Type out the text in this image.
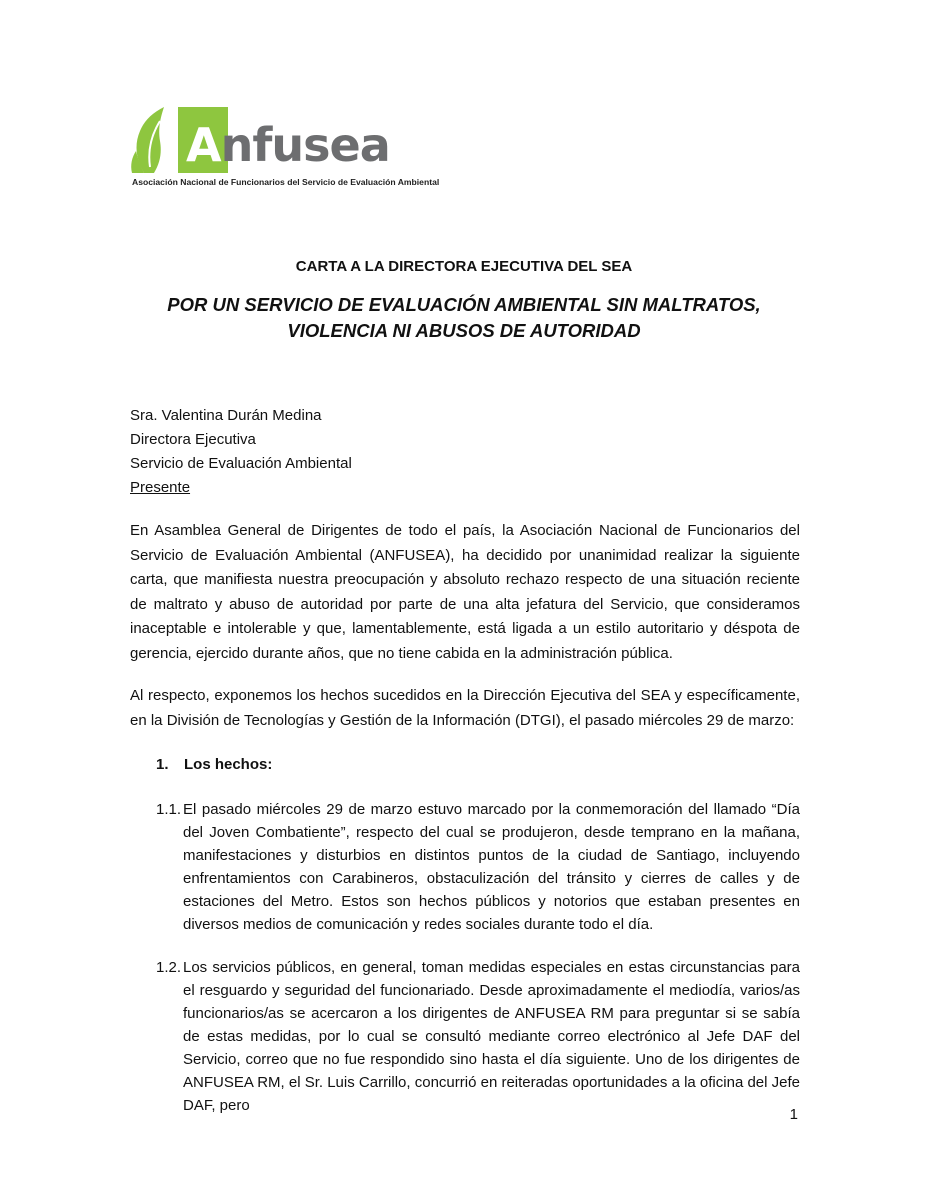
Anfusea
Asociación Nacional de Funcionarios del Servicio de Evaluación Ambiental
CARTA A LA DIRECTORA EJECUTIVA DEL SEA
POR UN SERVICIO DE EVALUACIÓN AMBIENTAL SIN MALTRATOS,
VIOLENCIA NI ABUSOS DE AUTORIDAD
Sra. Valentina Durán Medina
Directora Ejecutiva
Servicio de Evaluación Ambiental
Presente
En Asamblea General de Dirigentes de todo el país, la Asociación Nacional de Funcionarios del Servicio de Evaluación Ambiental (ANFUSEA), ha decidido por unanimidad realizar la siguiente carta, que manifiesta nuestra preocupación y absoluto rechazo respecto de una situación reciente de maltrato y abuso de autoridad por parte de una alta jefatura del Servicio, que consideramos inaceptable e intolerable y que, lamentablemente, está ligada a un estilo autoritario y déspota de gerencia, ejercido durante años, que no tiene cabida en la administración pública.
Al respecto, exponemos los hechos sucedidos en la Dirección Ejecutiva del SEA y específicamente, en la División de Tecnologías y Gestión de la Información (DTGI), el pasado miércoles 29 de marzo:
1. Los hechos:
1.1. El pasado miércoles 29 de marzo estuvo marcado por la conmemoración del llamado “Día del Joven Combatiente”, respecto del cual se produjeron, desde temprano en la mañana, manifestaciones y disturbios en distintos puntos de la ciudad de Santiago, incluyendo enfrentamientos con Carabineros, obstaculización del tránsito y cierres de calles y de estaciones del Metro. Estos son hechos públicos y notorios que estaban presentes en diversos medios de comunicación y redes sociales durante todo el día.
1.2. Los servicios públicos, en general, toman medidas especiales en estas circunstancias para el resguardo y seguridad del funcionariado. Desde aproximadamente el mediodía, varios/as funcionarios/as se acercaron a los dirigentes de ANFUSEA RM para preguntar si se sabía de estas medidas, por lo cual se consultó mediante correo electrónico al Jefe DAF del Servicio, correo que no fue respondido sino hasta el día siguiente. Uno de los dirigentes de ANFUSEA RM, el Sr. Luis Carrillo, concurrió en reiteradas oportunidades a la oficina del Jefe DAF, pero
1
